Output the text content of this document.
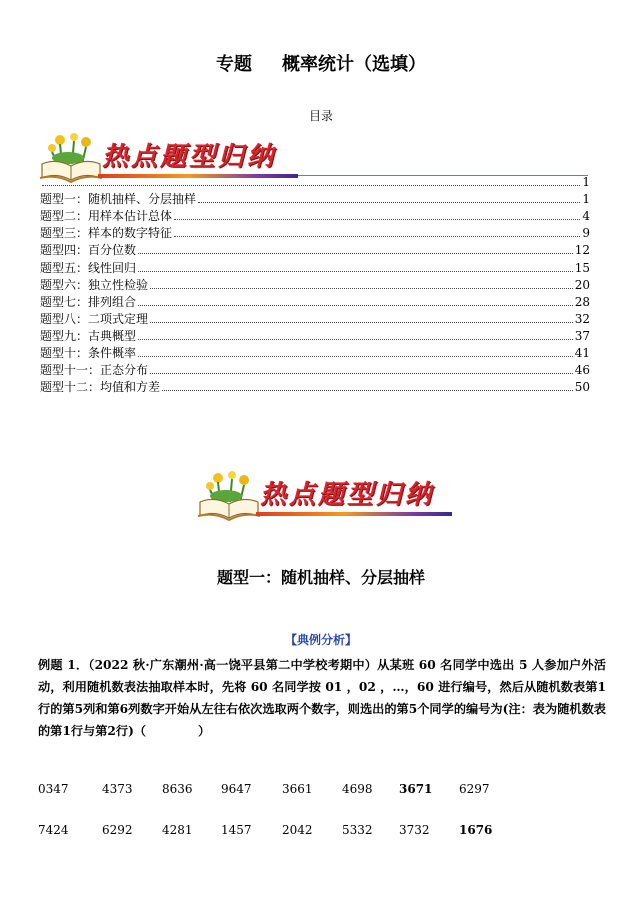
专题 概率统计（选填）
目录
热点题型归纳
1
题型一：随机抽样、分层抽样	1
题型二：用样本估计总体	4
题型三：样本的数字特征	9
题型四：百分位数	12
题型五：线性回归	15
题型六：独立性检验	20
题型七：排列组合	28
题型八：二项式定理	32
题型九：古典概型	37
题型十：条件概率	41
题型十一：正态分布	46
题型十二：均值和方差	50
热点题型归纳
题型一：随机抽样、分层抽样
【典例分析】
例题 1．（2022 秋·广东潮州·高一饶平县第二中学校考期中）从某班 60 名同学中选出 5 人参加户外活动，利用随机数表法抽取样本时，先将 60 名同学按 01 ，02 ，…，60 进行编号，然后从随机数表第1行的第5列和第6列数字开始从左往右依次选取两个数字，则选出的第5个同学的编号为(注：表为随机数表的第1行与第2行)（	）
0347	4373 8636 9647	3661 4698 3671 6297
7424	6292 4281 1457	2042 5332 3732 1676
